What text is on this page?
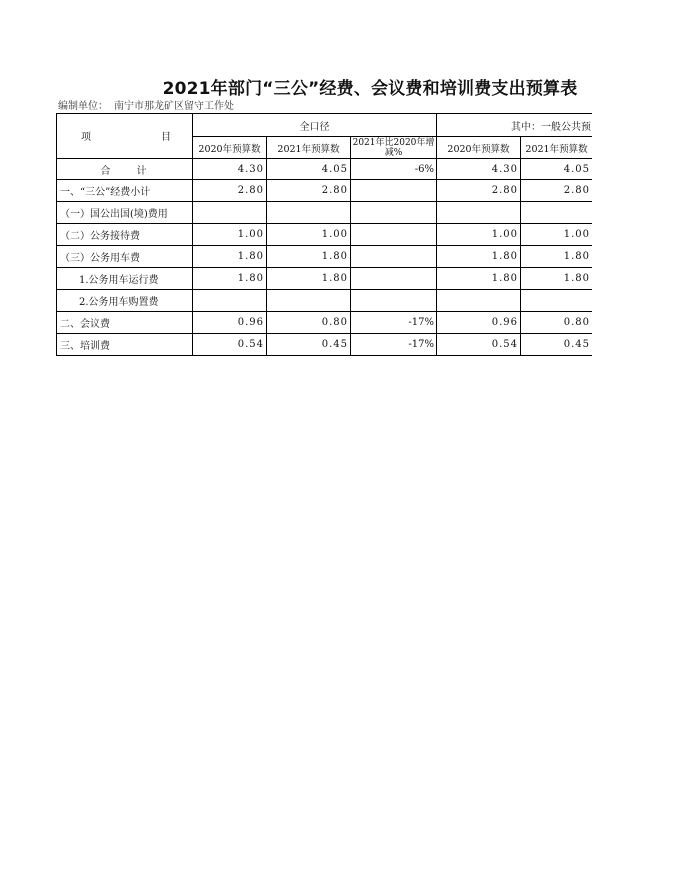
2021年部门“三公”经费、会议费和培训费支出预算表
编制单位： 南宁市那龙矿区留守工作处
项 目	全口径			其中：一般公共预		
	2020年预算数	2021年预算数	2021年比2020年增减%	2020年预算数	2021年预算数	
合　　计	4.30	4.05	-6%	4.30	4.05	
一、“三公”经费小计	2.80	2.80		2.80	2.80	
（一）国公出国(境)费用						
（二）公务接待费	1.00	1.00		1.00	1.00	
（三）公务用车费	1.80	1.80		1.80	1.80	
1.公务用车运行费	1.80	1.80		1.80	1.80	
2.公务用车购置费						
二、会议费	0.96	0.80	-17%	0.96	0.80	
三、培训费	0.54	0.45	-17%	0.54	0.45	
